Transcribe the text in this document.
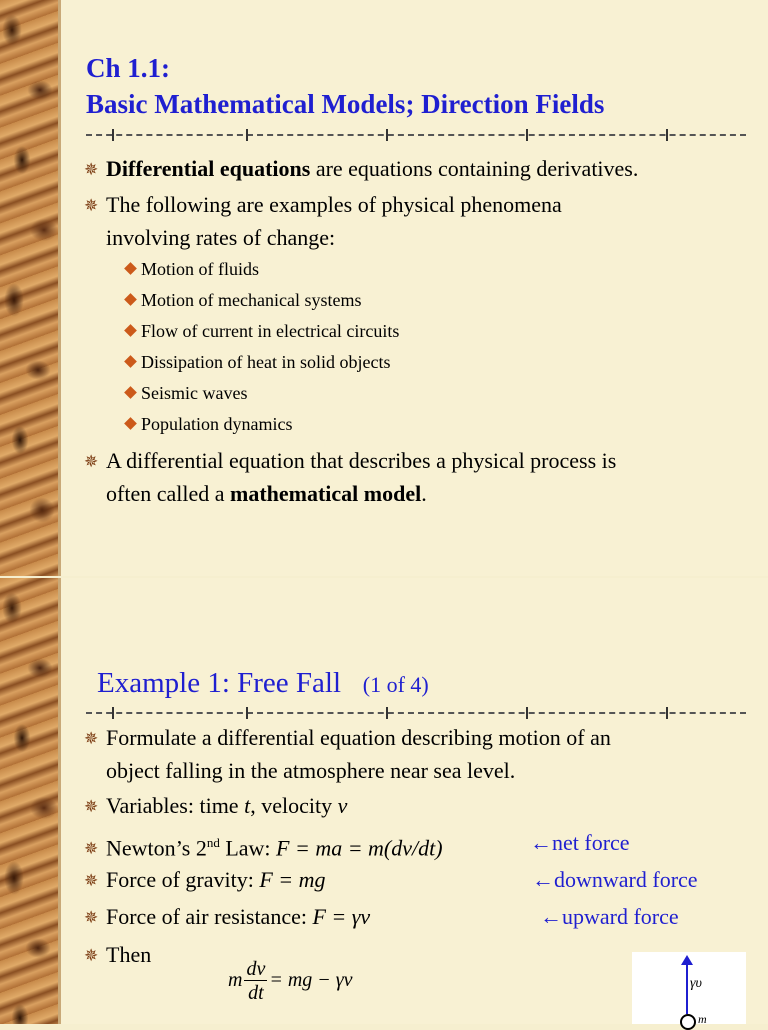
Ch 1.1:
Basic Mathematical Models; Direction Fields
✵ Differential equations are equations containing derivatives.
✵ The following are examples of physical phenomena
involving rates of change:
Motion of fluids
Motion of mechanical systems
Flow of current in electrical circuits
Dissipation of heat in solid objects
Seismic waves
Population dynamics
✵ A differential equation that describes a physical process is
often called a mathematical model.
Example 1: Free Fall (1 of 4)
✵ Formulate a differential equation describing motion of an
object falling in the atmosphere near sea level.
✵ Variables: time t, velocity v
✵ Newton’s 2nd Law: F = ma = m(dv/dt)	←net force
✵ Force of gravity: F = mg	←downward force
✵ Force of air resistance: F = γv	←upward force
✵ Then
m $\frac{dv}{dt}$ = mg − γv	γυ
m
